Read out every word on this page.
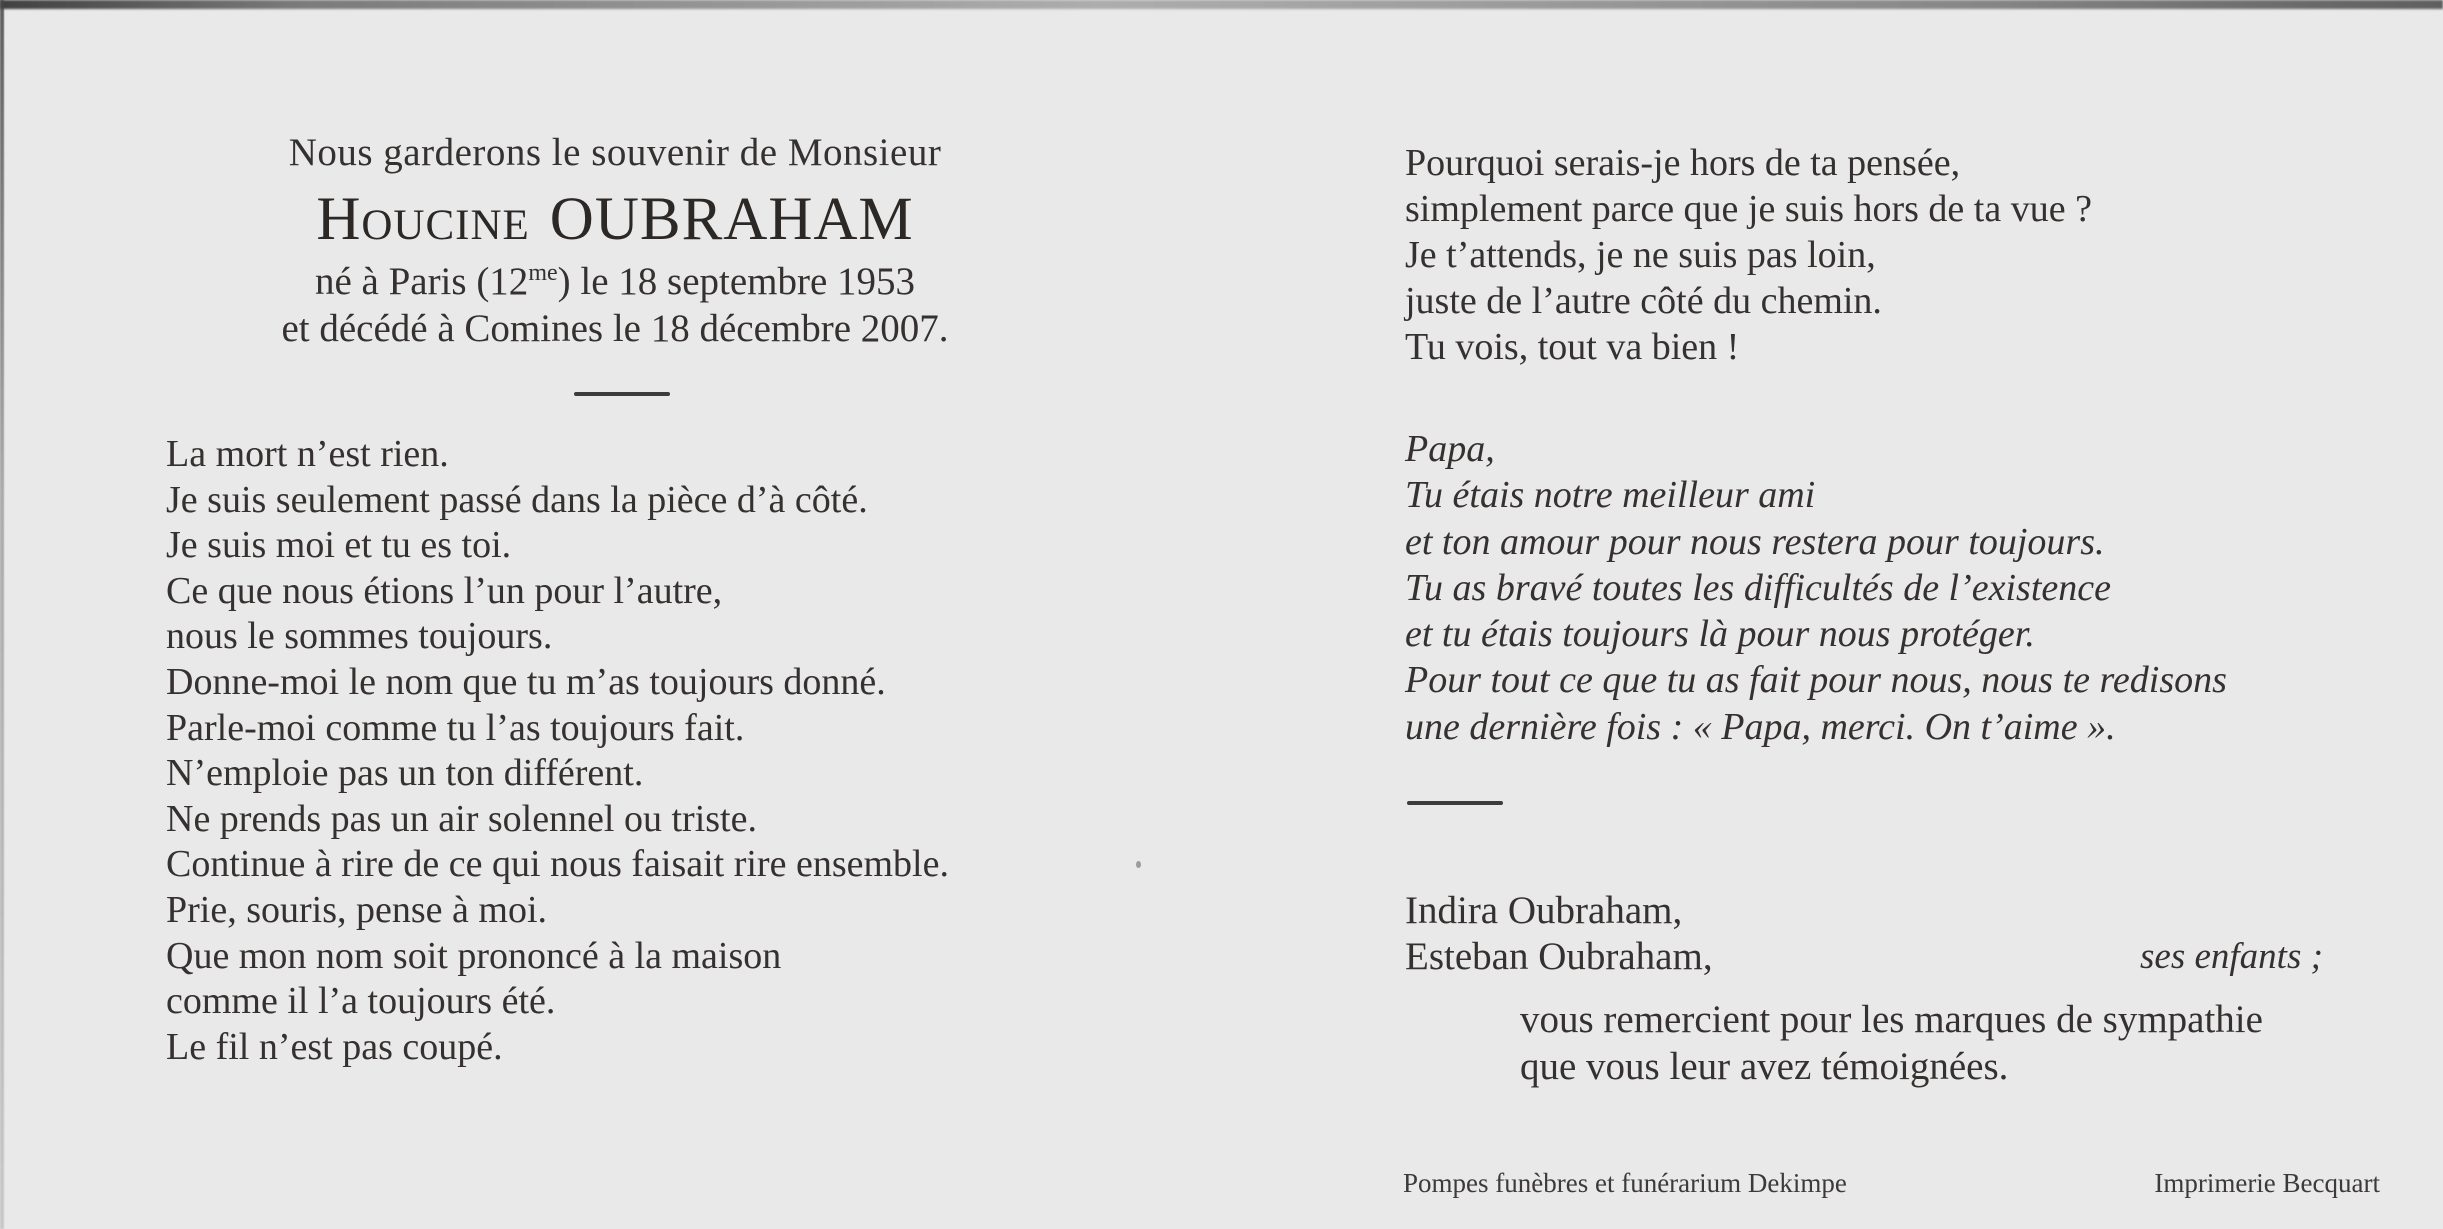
Nous garderons le souvenir de Monsieur
Houcine OUBRAHAM
né à Paris $(12^{me})$ le 18 septembre 1953
et décédé à Comines le 18 décembre 2007.
La mort n’est rien.
Je suis seulement passé dans la pièce d’à côté.
Je suis moi et tu es toi.
Ce que nous étions l’un pour l’autre,
nous le sommes toujours.
Donne-moi le nom que tu m’as toujours donné.
Parle-moi comme tu l’as toujours fait.
N’emploie pas un ton différent.
Ne prends pas un air solennel ou triste.
Continue à rire de ce qui nous faisait rire ensemble.
Prie, souris, pense à moi.
Que mon nom soit prononcé à la maison
comme il l’a toujours été.
Le fil n’est pas coupé.
Pourquoi serais-je hors de ta pensée,
simplement parce que je suis hors de ta vue ?
Je t’attends, je ne suis pas loin,
juste de l’autre côté du chemin.
Tu vois, tout va bien !
Papa,
Tu étais notre meilleur ami
et ton amour pour nous restera pour toujours.
Tu as bravé toutes les difficultés de l’existence
et tu étais toujours là pour nous protéger.
Pour tout ce que tu as fait pour nous, nous te redisons
une dernière fois : « Papa, merci. On t’aime ».
Indira Oubraham,
Esteban Oubraham,	ses enfants ;
vous remercient pour les marques de sympathie
que vous leur avez témoignées.
Pompes funèbres et funérarium Dekimpe	Imprimerie Becquart
